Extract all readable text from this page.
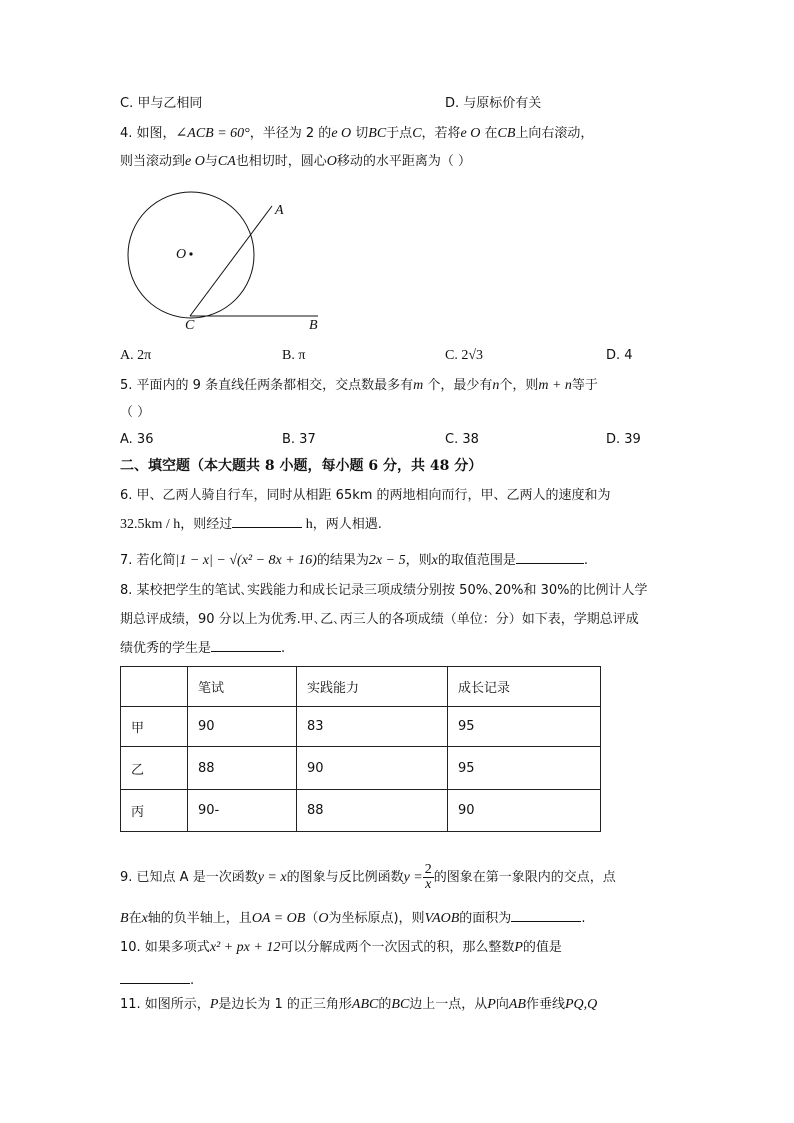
C. 甲与乙相同	D. 与原标价有关
4. 如图，∠ACB = 60°，半径为 2 的e O 切BC于点C，若将e O 在CB上向右滚动，
则当滚动到e O与CA也相切时，圆心O移动的水平距离为（ ）
A
O
C	B
A. 2π	B. π	C. 2√3	D. 4
5. 平面内的 9 条直线任两条都相交，交点数最多有m 个，最少有n个，则m + n等于
（ ）
A. 36	B. 37	C. 38	D. 39
二、填空题（本大题共 8 小题，每小题 6 分，共 48 分）
6. 甲、乙两人骑自行车，同时从相距 65km 的两地相向而行，甲、乙两人的速度和为
32.5km / h，则经过	h，两人相遇.
7. 若化简|1 − x| − √(x² − 8x + 16)的结果为2x − 5，则x的取值范围是	.
8. 某校把学生的笔试､实践能力和成长记录三项成绩分别按 50%､20%和 30%的比例计人学
期总评成绩，90 分以上为优秀.甲､乙､丙三人的各项成绩（单位：分）如下表，学期总评成
绩优秀的学生是	.
	笔试	实践能力	成长记录
甲	90	83	95
乙	88	90	95
丙	90-	88	90
9. 已知点 A 是一次函数y = x的图象与反比例函数$y = \frac{2}{x}$ 的图象在第一象限内的交点，点
B在x轴的负半轴上，且OA = OB（O为坐标原点)，则VAOB的面积为	.
10. 如果多项式x² + px + 12可以分解成两个一次因式的积，那么整数P的值是
.
11. 如图所示，P是边长为 1 的正三角形ABC的BC边上一点，从P向AB作垂线PQ,Q
